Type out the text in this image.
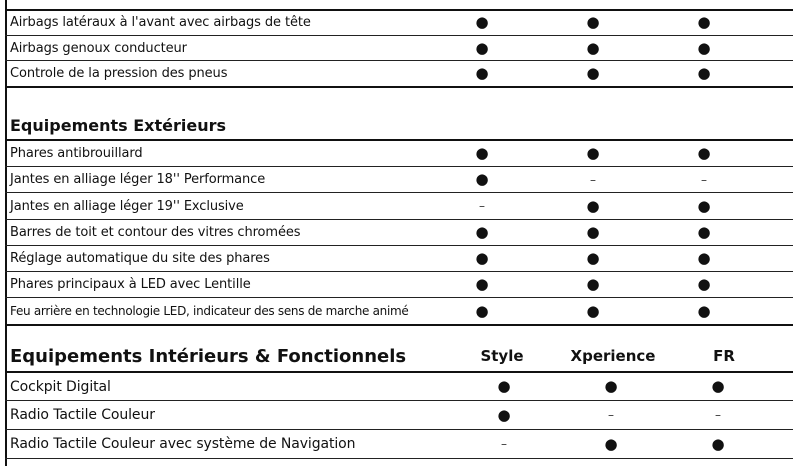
Airbags latéraux à l'avant avec airbags de tête	●	●	●
Airbags genoux conducteur	●	●	●
Controle de la pression des pneus	●	●	●
Equipements Extérieurs
Phares antibrouillard	●	●	●
Jantes en alliage léger 18'' Performance	●	–	–
Jantes en alliage léger 19'' Exclusive	–	●	●
Barres de toit et contour des vitres chromées	●	●	●
Réglage automatique du site des phares	●	●	●
Phares principaux à LED avec Lentille	●	●	●
Feu arrière en technologie LED, indicateur des sens de marche animé	●	●	●
Equipements Intérieurs & Fonctionnels	Style	Xperience	FR
Cockpit Digital	●	●	●
Radio Tactile Couleur	●	–	–
Radio Tactile Couleur avec système de Navigation	–	●	●
